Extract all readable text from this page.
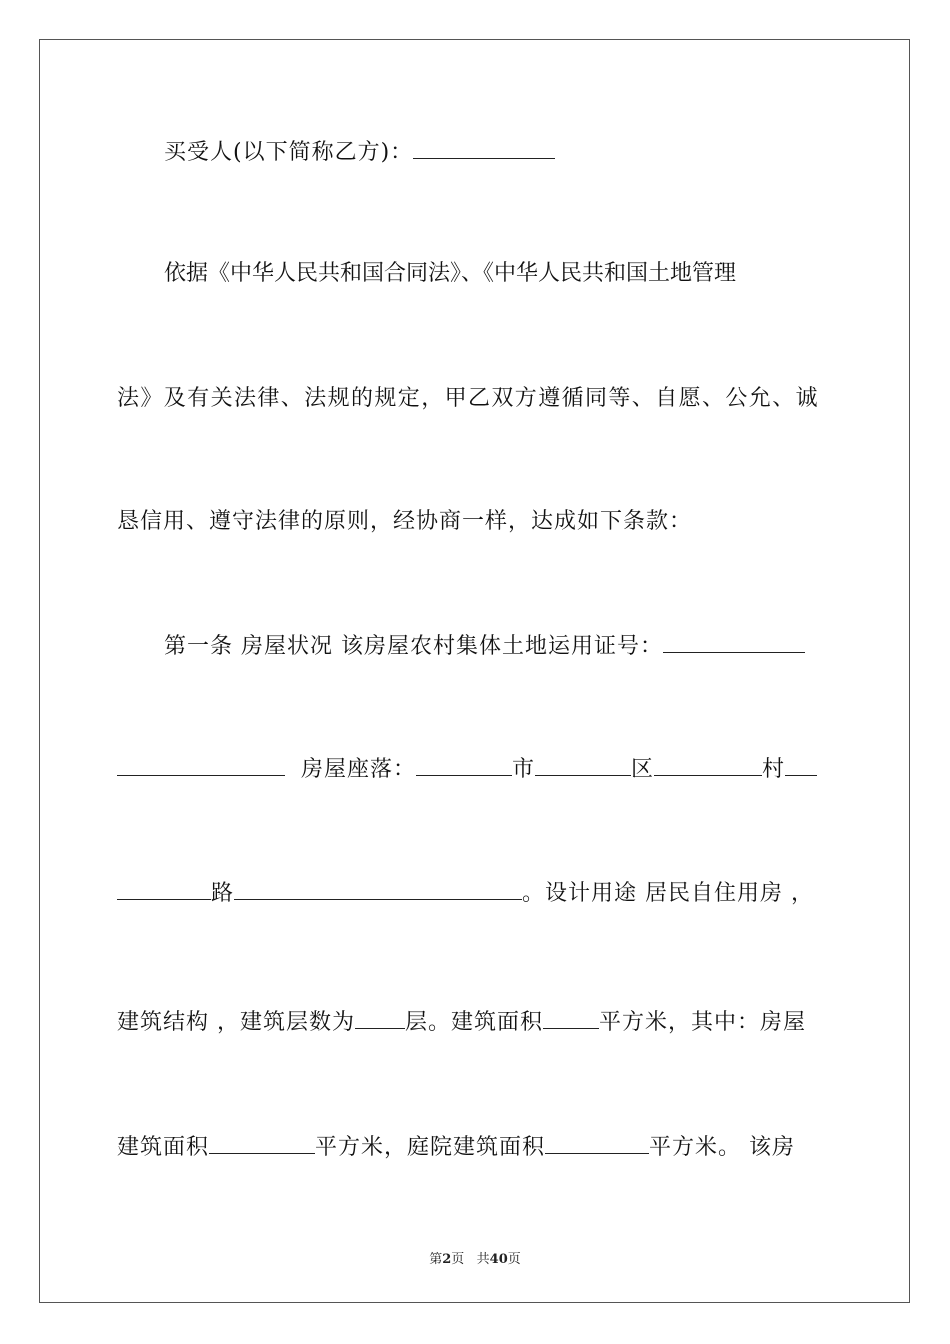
买受人(以下简称乙方)：
依据《中华人民共和国合同法》、《中华人民共和国土地管理
法》及有关法律、法规的规定，甲乙双方遵循同等、自愿、公允、诚
恳信用、遵守法律的原则，经协商一样，达成如下条款：
第一条 房屋状况 该房屋农村集体土地运用证号：
房屋座落：	市	区	村
路	。设计用途 居民自住用房 ，
建筑结构 ，建筑层数为 层。建筑面积	平方米，其中：房屋
建筑面积	平方米，庭院建筑面积	平方米。 该房
第2页   共40页
